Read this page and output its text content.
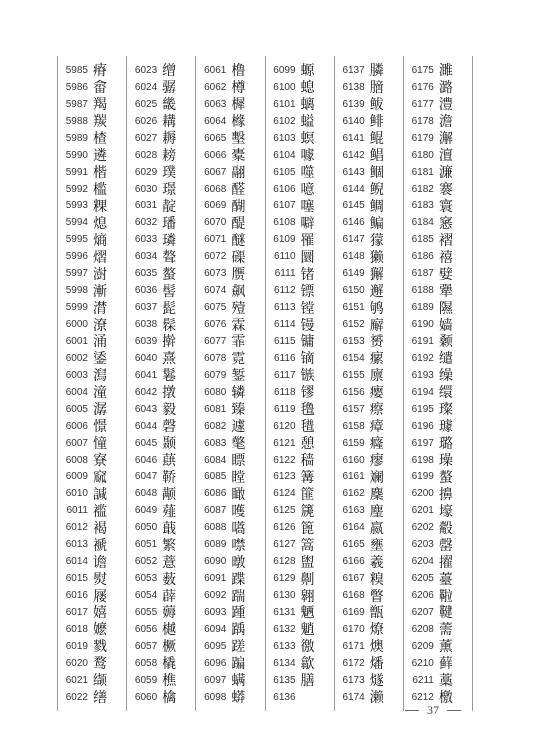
5985 瘠
5986 畲
5987 羯
5988 羰
5989 楂
5990 遴
5991 楷
5992 槛
5993 粿
5994 熄
5995 熵
5996 熠
5997 澍
5998 漸
5999 潸
6000 潦
6001 涌
6002 鋈
6003 澙
6004 潼
6005 潺
6006 憬
6007 憧
6008 寮
6009 窳
6010 諴
6011 褴
6012 褐
6013 褫
6014 谵
6015 熨
6016 屦
6017 嬉
6018 嬷
6019 戮
6020 鹜
6021 缬
6022 缮
6023 缯
6024 骣
6025 畿
6026 耩
6027 耨
6028 耪
6029 璞
6030 璟
6031 靛
6032 璠
6033 璘
6034 聱
6035 螯
6036 髻
6037 髭
6038 髹
6039 擀
6040 熹
6041 鬈
6042 撴
6043 毅
6044 磬
6045 颞
6046 蕻
6047 鞒
6048 颟
6049 薤
6050 蕺
6051 繁
6052 薏
6053 薮
6054 薜
6055 薅
6056 樾
6057 橛
6058 橇
6059 樵
6060 檎
6061 橹
6062 樽
6063 樨
6064 橼
6065 墼
6066 橐
6067 翮
6068 醛
6069 醐
6070 醍
6071 醚
6072 磲
6073 赝
6074 飙
6075 殪
6076 霖
6077 霏
6078 霓
6079 錾
6080 辚
6081 臻
6082 遽
6083 氅
6084 瞟
6085 瞠
6086 瞰
6087 嚄
6088 嚆
6089 噤
6090 暾
6091 蹀
6092 踹
6093 踵
6094 踽
6095 蹉
6096 蹁
6097 螨
6098 蟒
6099 螈
6100 螅
6101 螭
6102 螠
6103 螟
6104 噱
6105 噬
6106 噫
6107 噻
6108 噼
6109 罹
6110 圜
6111 锗
6112 镖
6113 镗
6114 镘
6115 镛
6116 镝
6117 镞
6118 镠
6119 氇
6120 氆
6121 憩
6122 穑
6123 篝
6124 篚
6125 篪
6126 篦
6127 篙
6128 盥
6129 劓
6130 翱
6131 魉
6132 魈
6133 徼
6134 歙
6135 膳
6136
6137 膦
6138 膪
6139 鲅
6140 鲱
6141 鲲
6142 鲳
6143 鲴
6144 鲵
6145 鲷
6146 鳊
6147 獴
6148 獭
6149 獬
6150 邂
6151 鸲
6152 廨
6153 赟
6154 瘰
6155 廪
6156 瘿
6157 瘵
6158 瘴
6159 癃
6160 瘳
6161 斓
6162 麇
6163 麈
6164 嬴
6165 壅
6166 羲
6167 糗
6168 瞥
6169 甑
6170 燎
6171 燠
6172 燔
6173 燧
6174 濑
6175 濉
6176 潞
6177 澧
6178 澹
6179 澥
6180 澶
6181 濂
6182 褰
6183 寰
6184 窸
6185 褶
6186 禧
6187 嬖
6188 犟
6189 隰
6190 嫱
6191 颡
6192 缱
6193 缲
6194 缳
6195 璨
6196 璩
6197 璐
6198 璪
6199 螯
6200 擤
6201 壕
6202 觳
6203 罄
6204 擢
6205 薹
6206 鞡
6207 鞬
6208 薷
6209 薰
6210 藓
6211 藁
6212 檄
37
